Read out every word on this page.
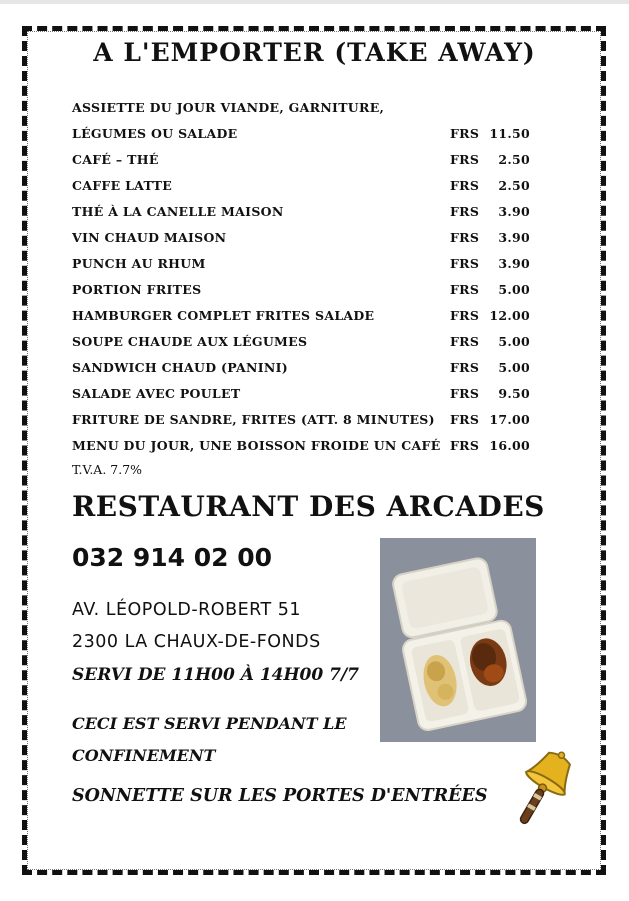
A L'EMPORTER (TAKE AWAY)
ASSIETTE DU JOUR VIANDE, GARNITURE,
LÉGUMES OU SALADE	FRS 11.50
CAFÉ – THÉ	FRS	2.50
CAFFE LATTE	FRS	2.50
THÉ À LA CANELLE MAISON	FRS	3.90
VIN CHAUD MAISON	FRS	3.90
PUNCH AU RHUM	FRS	3.90
PORTION FRITES	FRS	5.00
HAMBURGER COMPLET FRITES SALADE	FRS 12.00
SOUPE CHAUDE AUX LÉGUMES	FRS	5.00
SANDWICH CHAUD (PANINI)	FRS	5.00
SALADE AVEC POULET	FRS	9.50
FRITURE DE SANDRE, FRITES (ATT. 8 MINUTES) FRS 17.00
MENU DU JOUR, UNE BOISSON FROIDE UN CAFÉ FRS 16.00
T.V.A. 7.7%
RESTAURANT DES ARCADES
032 914 02 00
AV. LÉOPOLD-ROBERT 51
2300 LA CHAUX-DE-FONDS
SERVI DE 11H00 À 14H00 7/7
CECI EST SERVI PENDANT LE CONFINEMENT
SONNETTE SUR LES PORTES D'ENTRÉES
